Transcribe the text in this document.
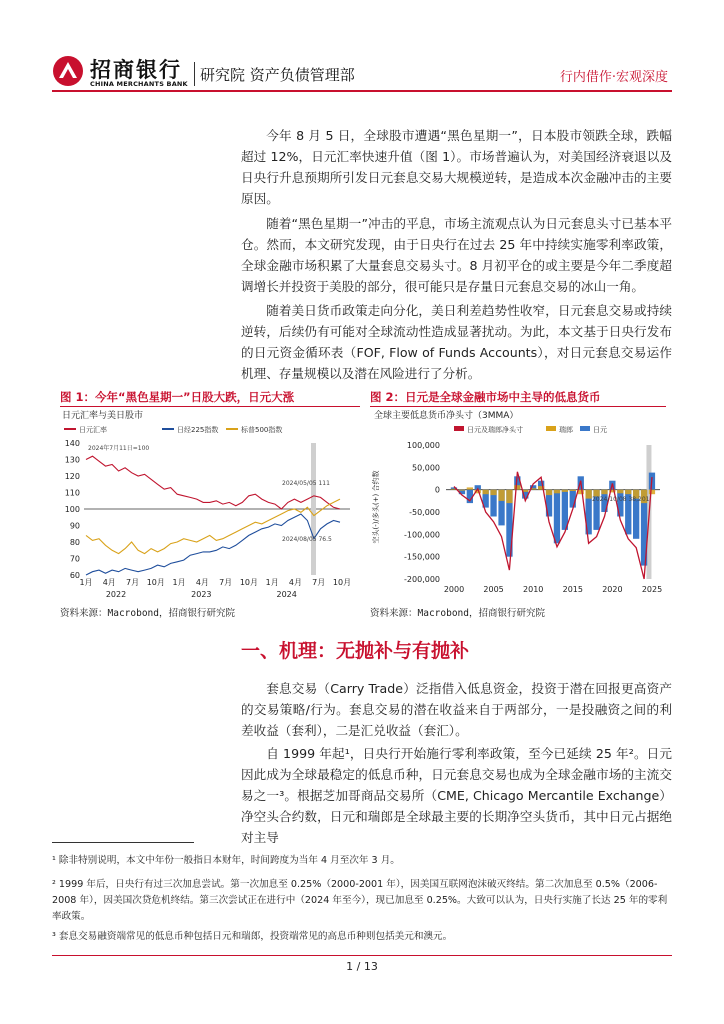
招商银行
CHINA MERCHANTS BANK 研究院 资产负债管理部	行内借作·宏观深度

今年 8 月 5 日，全球股市遭遇“黑色星期一”，日本股市领跌全球，跌幅超过 12%，日元汇率快速升值（图 1）。市场普遍认为，对美国经济衰退以及日央行升息预期所引发日元套息交易大规模逆转，是造成本次金融冲击的主要原因。

随着“黑色星期一”冲击的平息，市场主流观点认为日元套息头寸已基本平仓。然而，本文研究发现，由于日央行在过去 25 年中持续实施零利率政策，全球金融市场积累了大量套息交易头寸。8 月初平仓的或主要是今年二季度超调增长并投资于美股的部分，很可能只是存量日元套息交易的冰山一角。

随着美日货币政策走向分化，美日利差趋势性收窄，日元套息交易或持续逆转，后续仍有可能对全球流动性造成显著扰动。为此，本文基于日央行发布的日元资金循环表（FOF, Flow of Funds Accounts），对日元套息交易运作机理、存量规模以及潜在风险进行了分析。

图 1：今年“黑色星期一”日股大跌，日元大涨
日元汇率与美日股市
日元汇率	日经225指数	标普500指数
2024年7月11日=100
140
130
120
110
100
90
80
70
60
1月 4月 7月 10月 1月 4月 7月 10月 1月 4月 7月 10月
2022	2023	2024
2024/05/05 111
2024/08/05 76.5
资料来源：Macrobond，招商银行研究院
图 2：日元是全球金融市场中主导的低息货币
全球主要低息货币净头寸（3MMA）
日元及瑞郎净头寸	瑞郎	日元
100,000
50,000
0
-50,000
-100,000
-150,000
-200,000
空头(-)/多头(+) 合约数
2000 2005 2010 2015 2020 2025
2024/10/08 38,201
资料来源：Macrobond，招商银行研究院
一、机理：无抛补与有抛补

套息交易（Carry Trade）泛指借入低息资金，投资于潜在回报更高资产的交易策略/行为。套息交易的潜在收益来自于两部分，一是投融资之间的利差收益（套利），二是汇兑收益（套汇）。

自 1999 年起¹，日央行开始施行零利率政策，至今已延续 25 年²。日元因此成为全球最稳定的低息币种，日元套息交易也成为全球金融市场的主流交易之一³。根据芝加哥商品交易所（CME, Chicago Mercantile Exchange）净空头合约数，日元和瑞郎是全球最主要的长期净空头货币，其中日元占据绝对主导

¹ 除非特别说明，本文中年份一般指日本财年，时间跨度为当年 4 月至次年 3 月。

² 1999 年后，日央行有过三次加息尝试。第一次加息至 0.25%（2000-2001 年），因美国互联网泡沫破灭终结。第二次加息至 0.5%（2006-2008 年），因美国次贷危机终结。第三次尝试正在进行中（2024 年至今），现已加息至 0.25%。大致可以认为，日央行实施了长达 25 年的零利率政策。

³ 套息交易融资端常见的低息币种包括日元和瑞郎，投资端常见的高息币种则包括美元和澳元。

1 / 13
